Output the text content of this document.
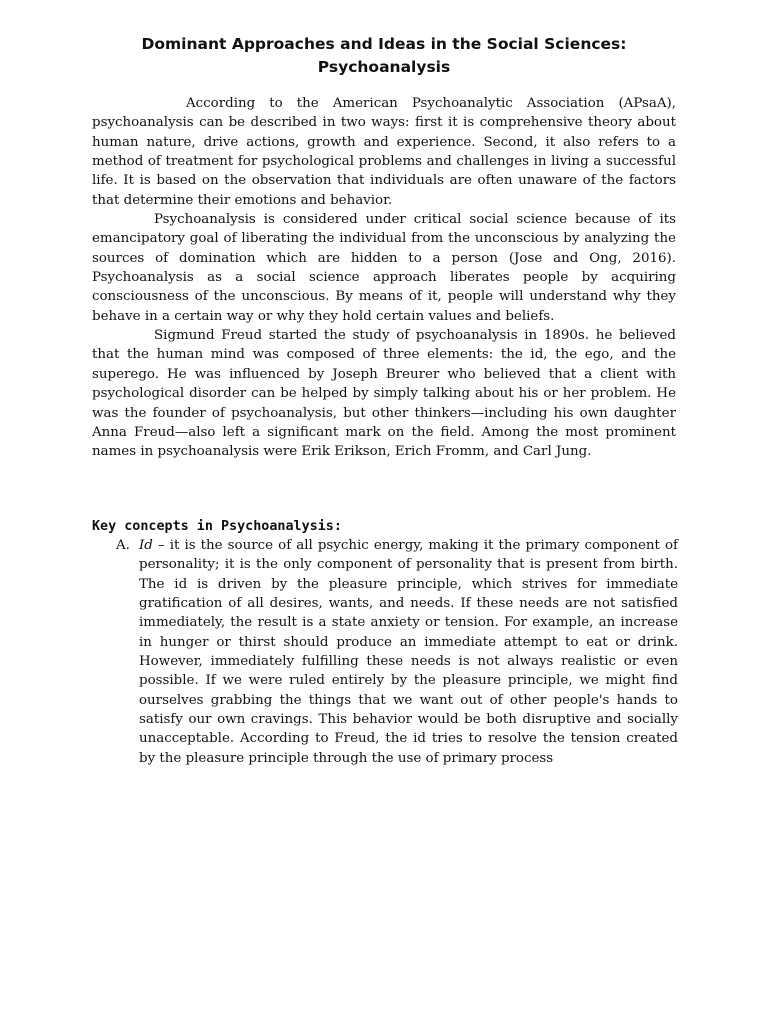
Dominant Approaches and Ideas in the Social Sciences:
Psychoanalysis

According to the American Psychoanalytic Association (APsaA), psychoanalysis can be described in two ways: first it is comprehensive theory about human nature, drive actions, growth and experience. Second, it also refers to a method of treatment for psychological problems and challenges in living a successful life. It is based on the observation that individuals are often unaware of the factors that determine their emotions and behavior.

Psychoanalysis is considered under critical social science because of its emancipatory goal of liberating the individual from the unconscious by analyzing the sources of domination which are hidden to a person (Jose and Ong, 2016). Psychoanalysis as a social science approach liberates people by acquiring consciousness of the unconscious. By means of it, people will understand why they behave in a certain way or why they hold certain values and beliefs.

Sigmund Freud started the study of psychoanalysis in 1890s. he believed that the human mind was composed of three elements: the id, the ego, and the superego. He was influenced by Joseph Breurer who believed that a client with psychological disorder can be helped by simply talking about his or her problem. He was the founder of psychoanalysis, but other thinkers—including his own daughter Anna Freud—also left a significant mark on the field. Among the most prominent names in psychoanalysis were Erik Erikson, Erich Fromm, and Carl Jung.

Key concepts in Psychoanalysis:
A. Id – it is the source of all psychic energy, making it the primary component of personality; it is the only component of personality that is present from birth. The id is driven by the pleasure principle, which strives for immediate gratification of all desires, wants, and needs. If these needs are not satisfied immediately, the result is a state anxiety or tension. For example, an increase in hunger or thirst should produce an immediate attempt to eat or drink. However, immediately fulfilling these needs is not always realistic or even possible. If we were ruled entirely by the pleasure principle, we might find ourselves grabbing the things that we want out of other people's hands to satisfy our own cravings. This behavior would be both disruptive and socially unacceptable. According to Freud, the id tries to resolve the tension created by the pleasure principle through the use of primary process
